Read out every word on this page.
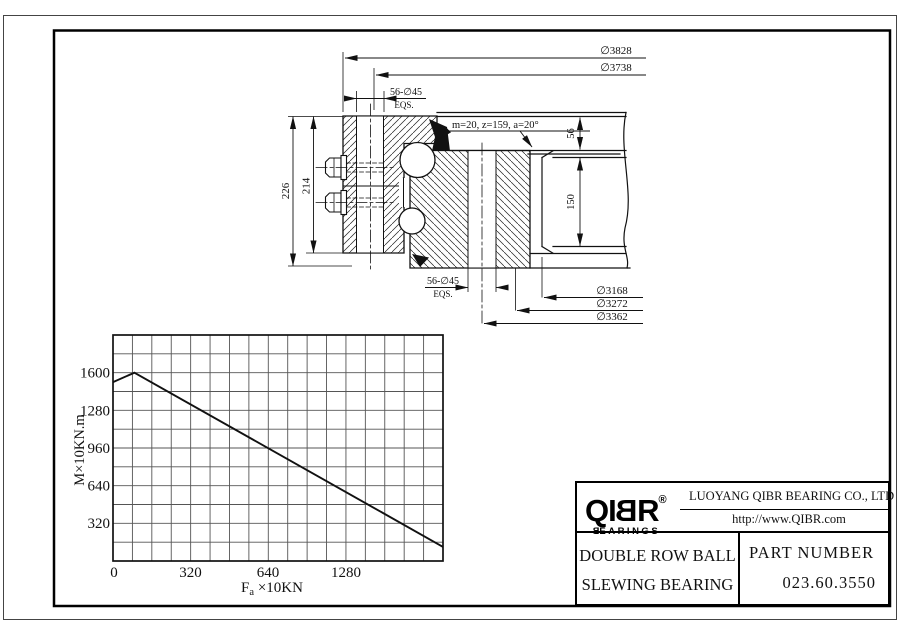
∅3828
∅3738
56-∅45
EQS.
m=20, z=159, a=20°
226 214
56
150
56-∅45
EQS.	∅3168
∅3272
∅3362
1600
1280
960
640
320
0	320	640	1280
M×10KN.m
$F_a \times 10KN$
QIBR®
BEARINGS
LUOYANG QIBR BEARING CO., LTD
http://www.QIBR.com
DOUBLE ROW BALL
SLEWING BEARING
PART NUMBER
023.60.3550
